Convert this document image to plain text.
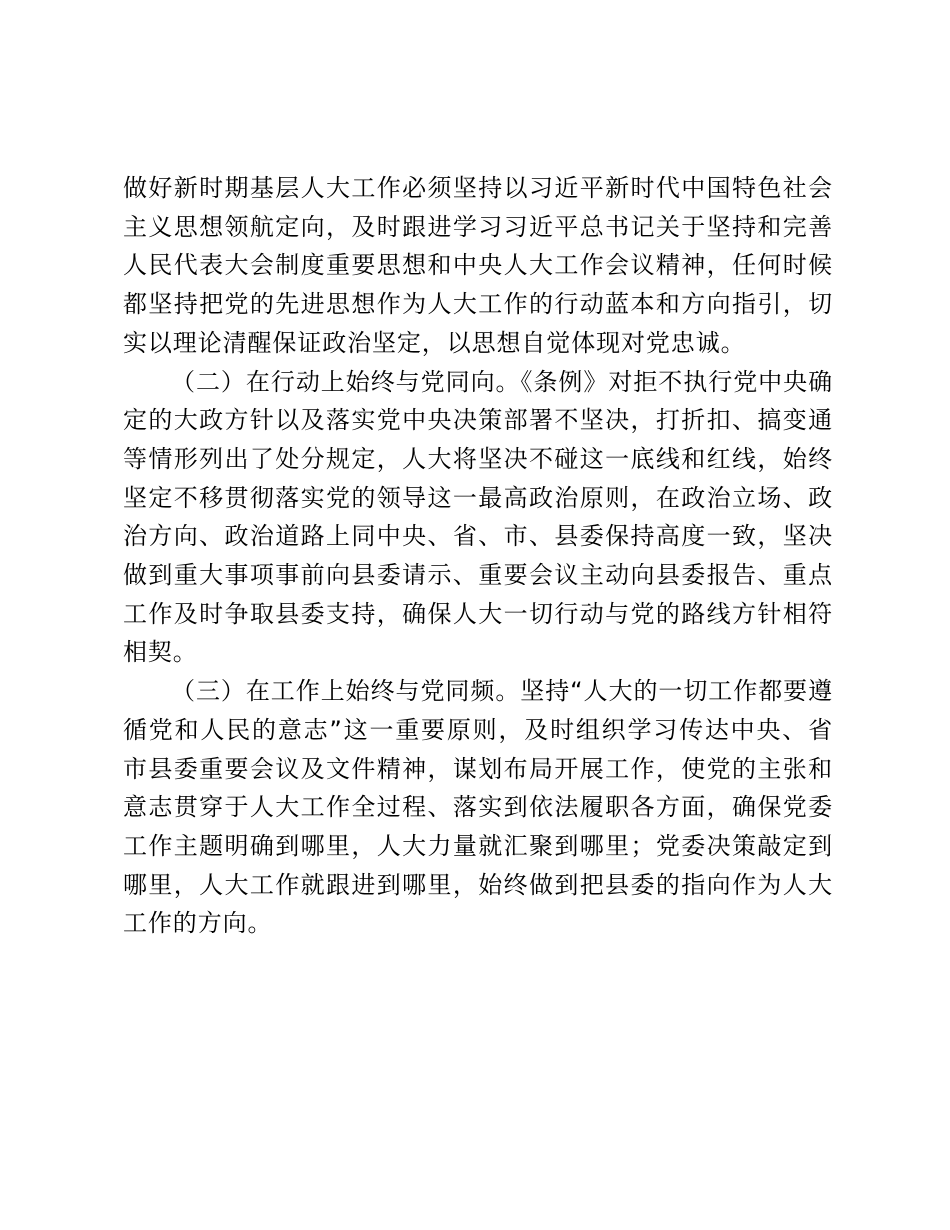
做好新时期基层人大工作必须坚持以习近平新时代中国特色社会主义思想领航定向，及时跟进学习习近平总书记关于坚持和完善人民代表大会制度重要思想和中央人大工作会议精神，任何时候都坚持把党的先进思想作为人大工作的行动蓝本和方向指引，切实以理论清醒保证政治坚定，以思想自觉体现对党忠诚。

（二）在行动上始终与党同向。《条例》对拒不执行党中央确定的大政方针以及落实党中央决策部署不坚决，打折扣、搞变通等情形列出了处分规定，人大将坚决不碰这一底线和红线，始终坚定不移贯彻落实党的领导这一最高政治原则，在政治立场、政治方向、政治道路上同中央、省、市、县委保持高度一致，坚决做到重大事项事前向县委请示、重要会议主动向县委报告、重点工作及时争取县委支持，确保人大一切行动与党的路线方针相符相契。

（三）在工作上始终与党同频。坚持“人大的一切工作都要遵循党和人民的意志”这一重要原则，及时组织学习传达中央、省市县委重要会议及文件精神，谋划布局开展工作，使党的主张和意志贯穿于人大工作全过程、落实到依法履职各方面，确保党委工作主题明确到哪里，人大力量就汇聚到哪里；党委决策敲定到哪里，人大工作就跟进到哪里，始终做到把县委的指向作为人大工作的方向。
